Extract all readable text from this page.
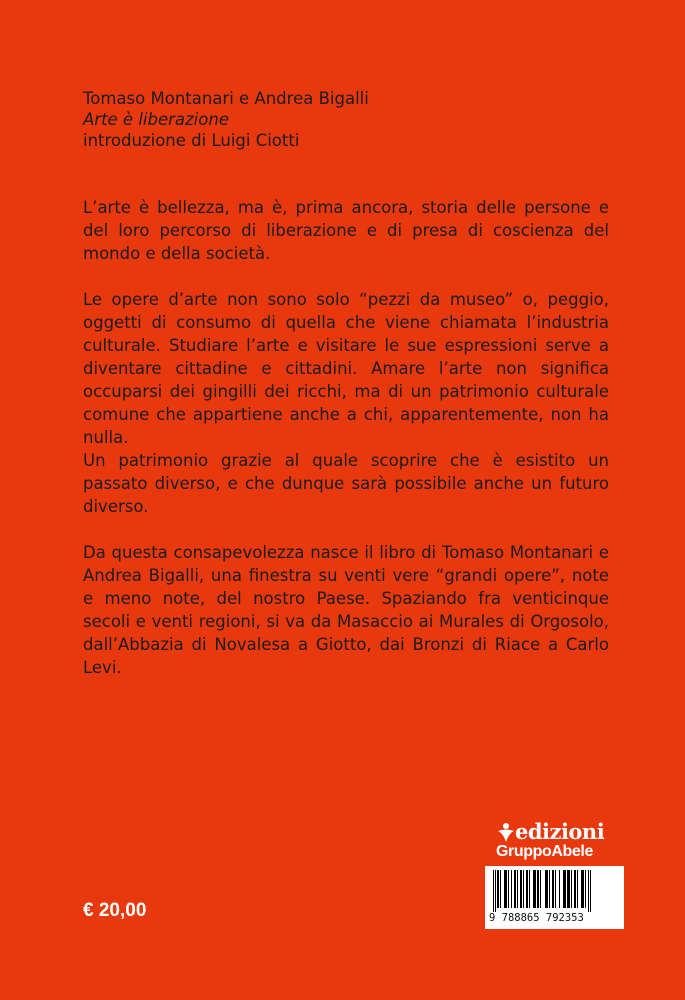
Tomaso Montanari e Andrea Bigalli
Arte è liberazione
introduzione di Luigi Ciotti

L’arte è bellezza, ma è, prima ancora, storia delle persone e del loro percorso di liberazione e di presa di coscienza del mondo e della società.

Le opere d’arte non sono solo “pezzi da museo” o, peggio, oggetti di consumo di quella che viene chiamata l’industria culturale. Studiare l’arte e visitare le sue espressioni serve a diventare cittadine e cittadini. Amare l’arte non significa occuparsi dei gingilli dei ricchi, ma di un patrimonio culturale comune che appartiene anche a chi, apparentemente, non ha nulla.

Un patrimonio grazie al quale scoprire che è esistito un passato diverso, e che dunque sarà possibile anche un futuro diverso.

Da questa consapevolezza nasce il libro di Tomaso Montanari e Andrea Bigalli, una finestra su venti vere “grandi opere”, note e meno note, del nostro Paese. Spaziando fra venticinque secoli e venti regioni, si va da Masaccio ai Murales di Orgosolo, dall’Abbazia di Novalesa a Giotto, dai Bronzi di Riace a Carlo Levi.

edizioni
GruppoAbele
9 788865 792353
€ 20,00
